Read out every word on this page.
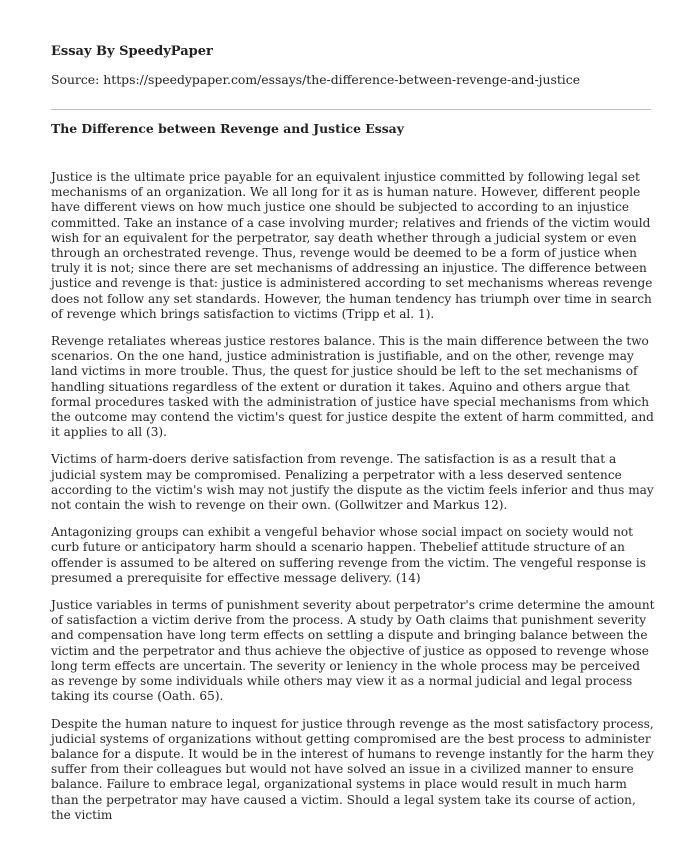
Essay By SpeedyPaper
Source: https://speedypaper.com/essays/the-difference-between-revenge-and-justice
The Difference between Revenge and Justice Essay

Justice is the ultimate price payable for an equivalent injustice committed by following legal set mechanisms of an organization. We all long for it as is human nature. However, different people have different views on how much justice one should be subjected to according to an injustice committed. Take an instance of a case involving murder; relatives and friends of the victim would wish for an equivalent for the perpetrator, say death whether through a judicial system or even through an orchestrated revenge. Thus, revenge would be deemed to be a form of justice when truly it is not; since there are set mechanisms of addressing an injustice. The difference between justice and revenge is that: justice is administered according to set mechanisms whereas revenge does not follow any set standards. However, the human tendency has triumph over time in search of revenge which brings satisfaction to victims (Tripp et al. 1).

Revenge retaliates whereas justice restores balance. This is the main difference between the two scenarios. On the one hand, justice administration is justifiable, and on the other, revenge may land victims in more trouble. Thus, the quest for justice should be left to the set mechanisms of handling situations regardless of the extent or duration it takes. Aquino and others argue that formal procedures tasked with the administration of justice have special mechanisms from which the outcome may contend the victim's quest for justice despite the extent of harm committed, and it applies to all (3).

Victims of harm-doers derive satisfaction from revenge. The satisfaction is as a result that a judicial system may be compromised. Penalizing a perpetrator with a less deserved sentence according to the victim's wish may not justify the dispute as the victim feels inferior and thus may not contain the wish to revenge on their own. (Gollwitzer and Markus 12).

Antagonizing groups can exhibit a vengeful behavior whose social impact on society would not curb future or anticipatory harm should a scenario happen. Thebelief attitude structure of an offender is assumed to be altered on suffering revenge from the victim. The vengeful response is presumed a prerequisite for effective message delivery. (14)

Justice variables in terms of punishment severity about perpetrator's crime determine the amount of satisfaction a victim derive from the process. A study by Oath claims that punishment severity and compensation have long term effects on settling a dispute and bringing balance between the victim and the perpetrator and thus achieve the objective of justice as opposed to revenge whose long term effects are uncertain. The severity or leniency in the whole process may be perceived as revenge by some individuals while others may view it as a normal judicial and legal process taking its course (Oath. 65).

Despite the human nature to inquest for justice through revenge as the most satisfactory process, judicial systems of organizations without getting compromised are the best process to administer balance for a dispute. It would be in the interest of humans to revenge instantly for the harm they suffer from their colleagues but would not have solved an issue in a civilized manner to ensure balance. Failure to embrace legal, organizational systems in place would result in much harm than the perpetrator may have caused a victim. Should a legal system take its course of action, the victim
